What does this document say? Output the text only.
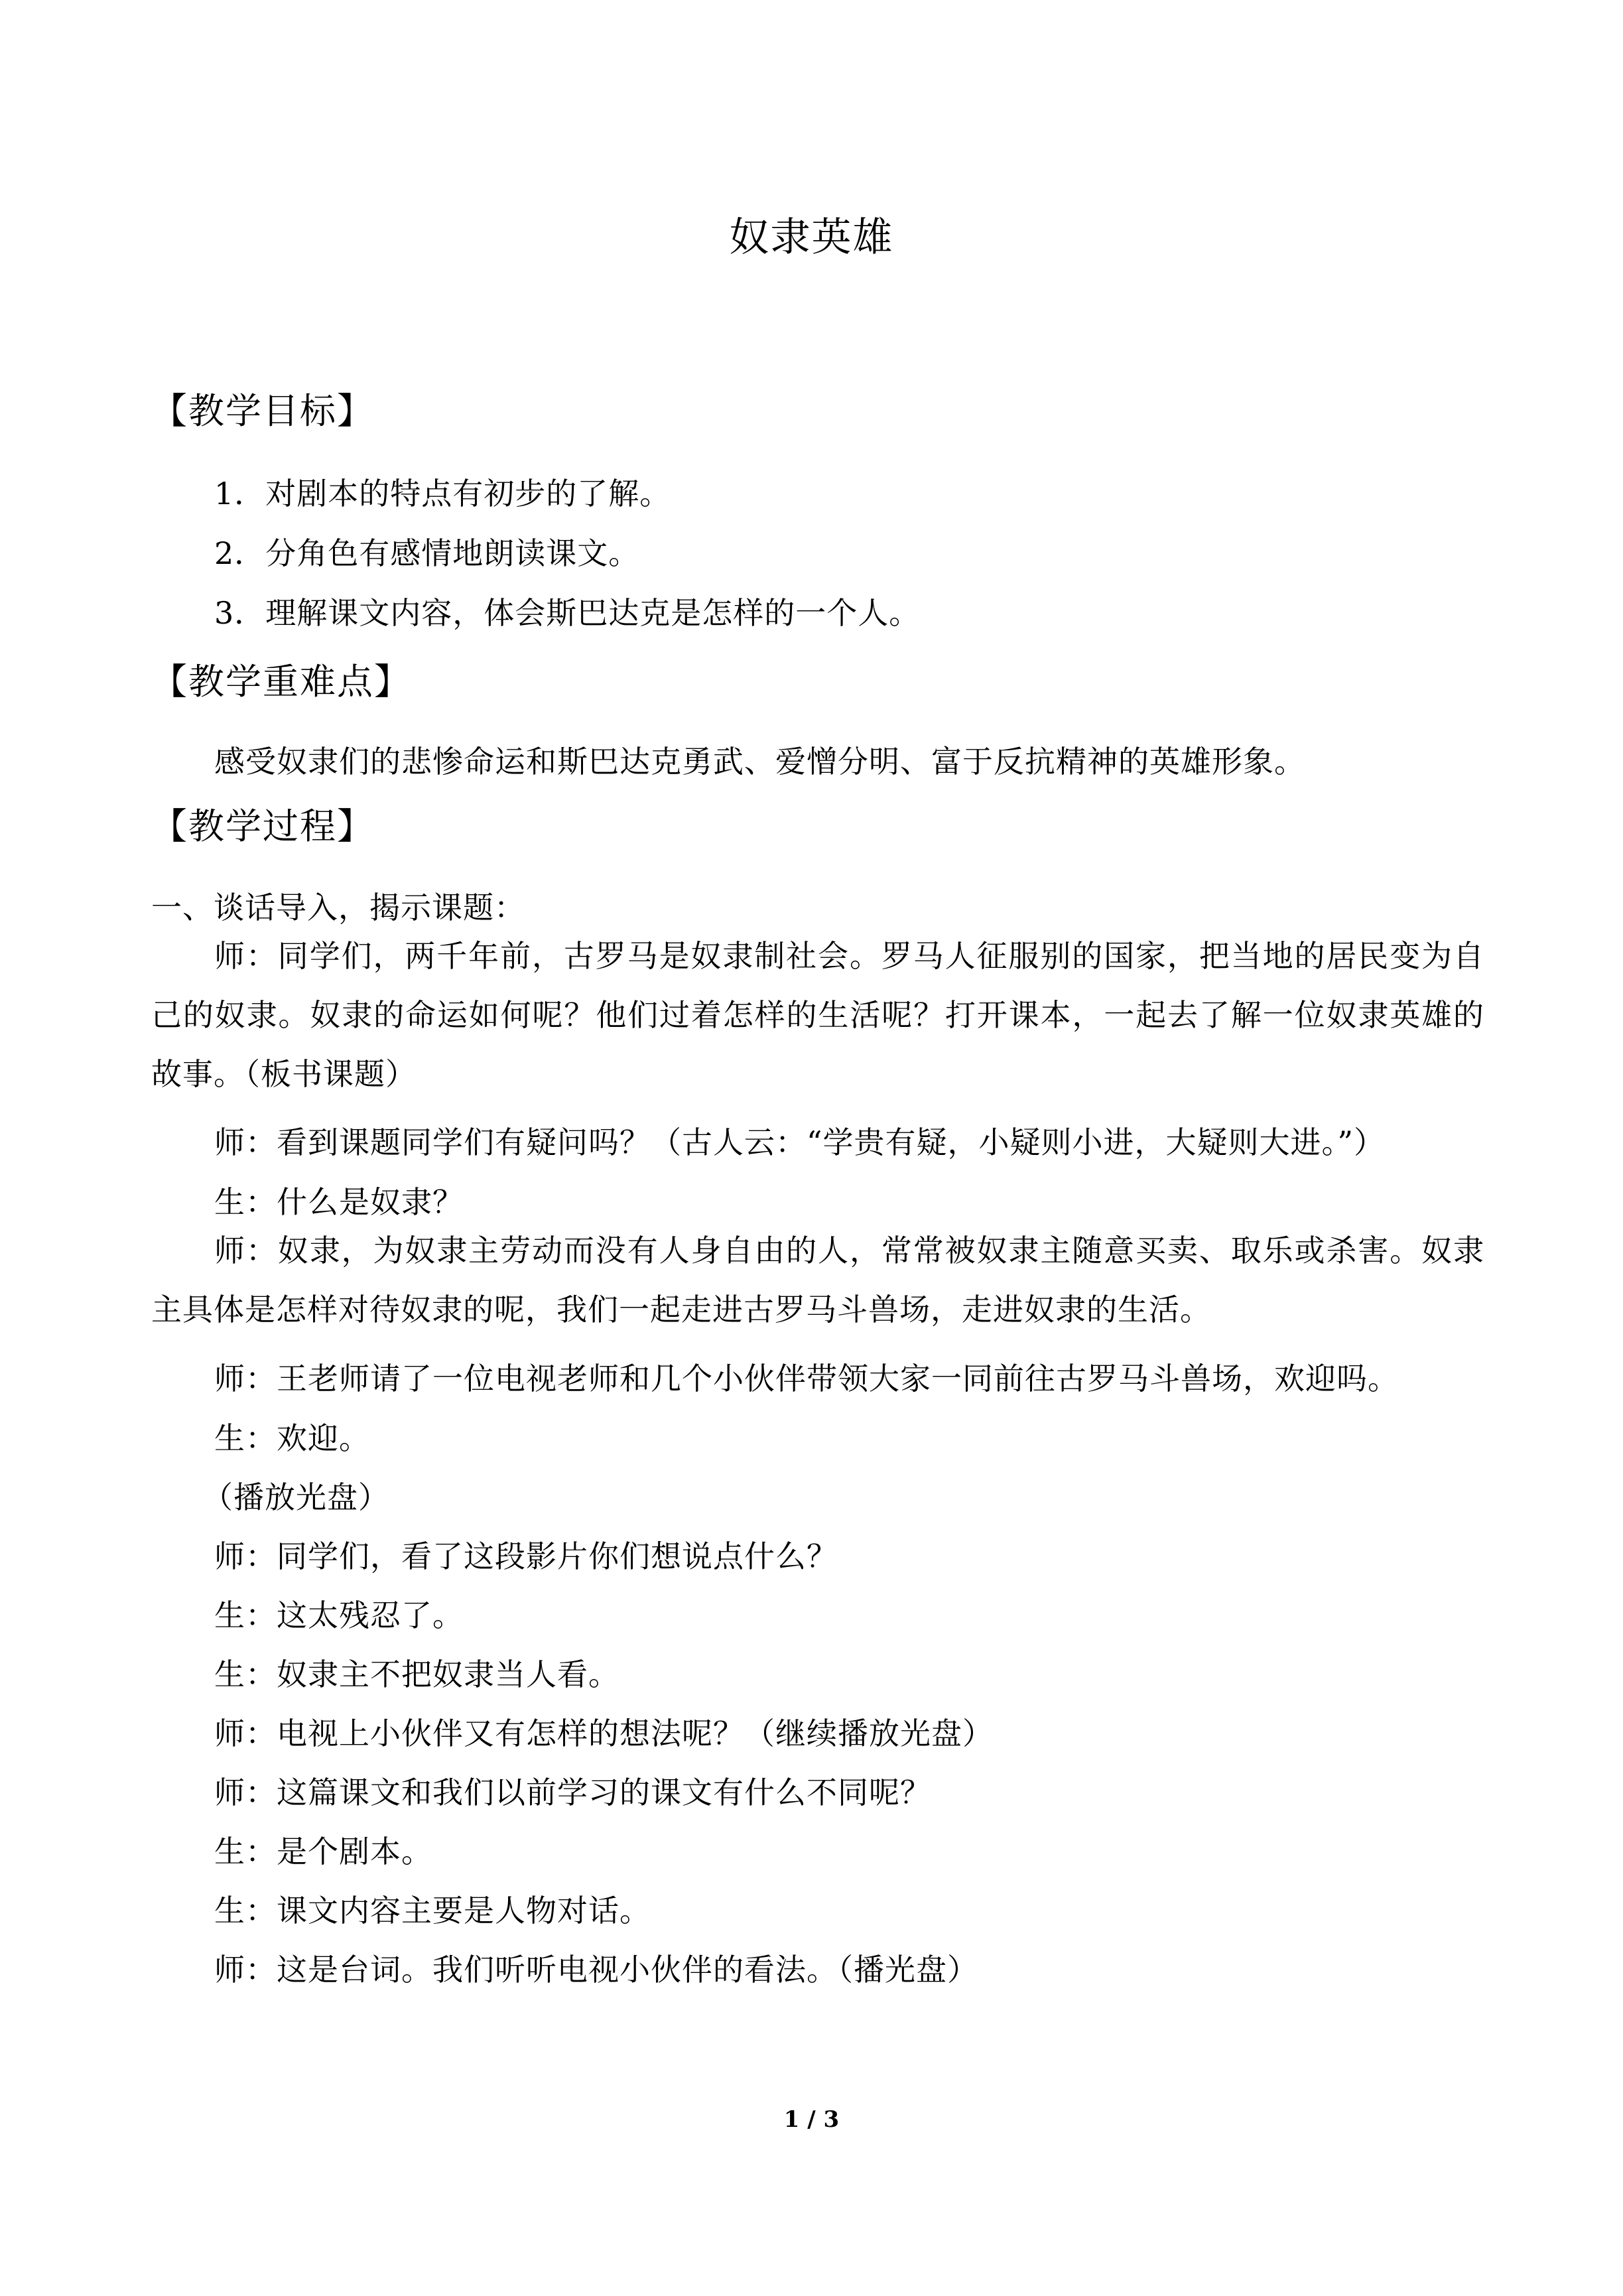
奴隶英雄
【教学目标】
1．对剧本的特点有初步的了解。
2．分角色有感情地朗读课文。
3．理解课文内容，体会斯巴达克是怎样的一个人。
【教学重难点】
感受奴隶们的悲惨命运和斯巴达克勇武、爱憎分明、富于反抗精神的英雄形象。
【教学过程】
一、谈话导入，揭示课题：
师：同学们，两千年前，古罗马是奴隶制社会。罗马人征服别的国家，把当地的居民变为自己的奴隶。奴隶的命运如何呢？他们过着怎样的生活呢？打开课本，一起去了解一位奴隶英雄的故事。（板书课题）
师：看到课题同学们有疑问吗？（古人云：“学贵有疑，小疑则小进，大疑则大进。”）
生：什么是奴隶？
师：奴隶，为奴隶主劳动而没有人身自由的人，常常被奴隶主随意买卖、取乐或杀害。奴隶主具体是怎样对待奴隶的呢，我们一起走进古罗马斗兽场，走进奴隶的生活。
师：王老师请了一位电视老师和几个小伙伴带领大家一同前往古罗马斗兽场，欢迎吗。
生：欢迎。
（播放光盘）
师：同学们，看了这段影片你们想说点什么？
生：这太残忍了。
生：奴隶主不把奴隶当人看。
师：电视上小伙伴又有怎样的想法呢？（继续播放光盘）
师：这篇课文和我们以前学习的课文有什么不同呢？
生：是个剧本。
生：课文内容主要是人物对话。
师：这是台词。我们听听电视小伙伴的看法。（播光盘）
1 / 3
